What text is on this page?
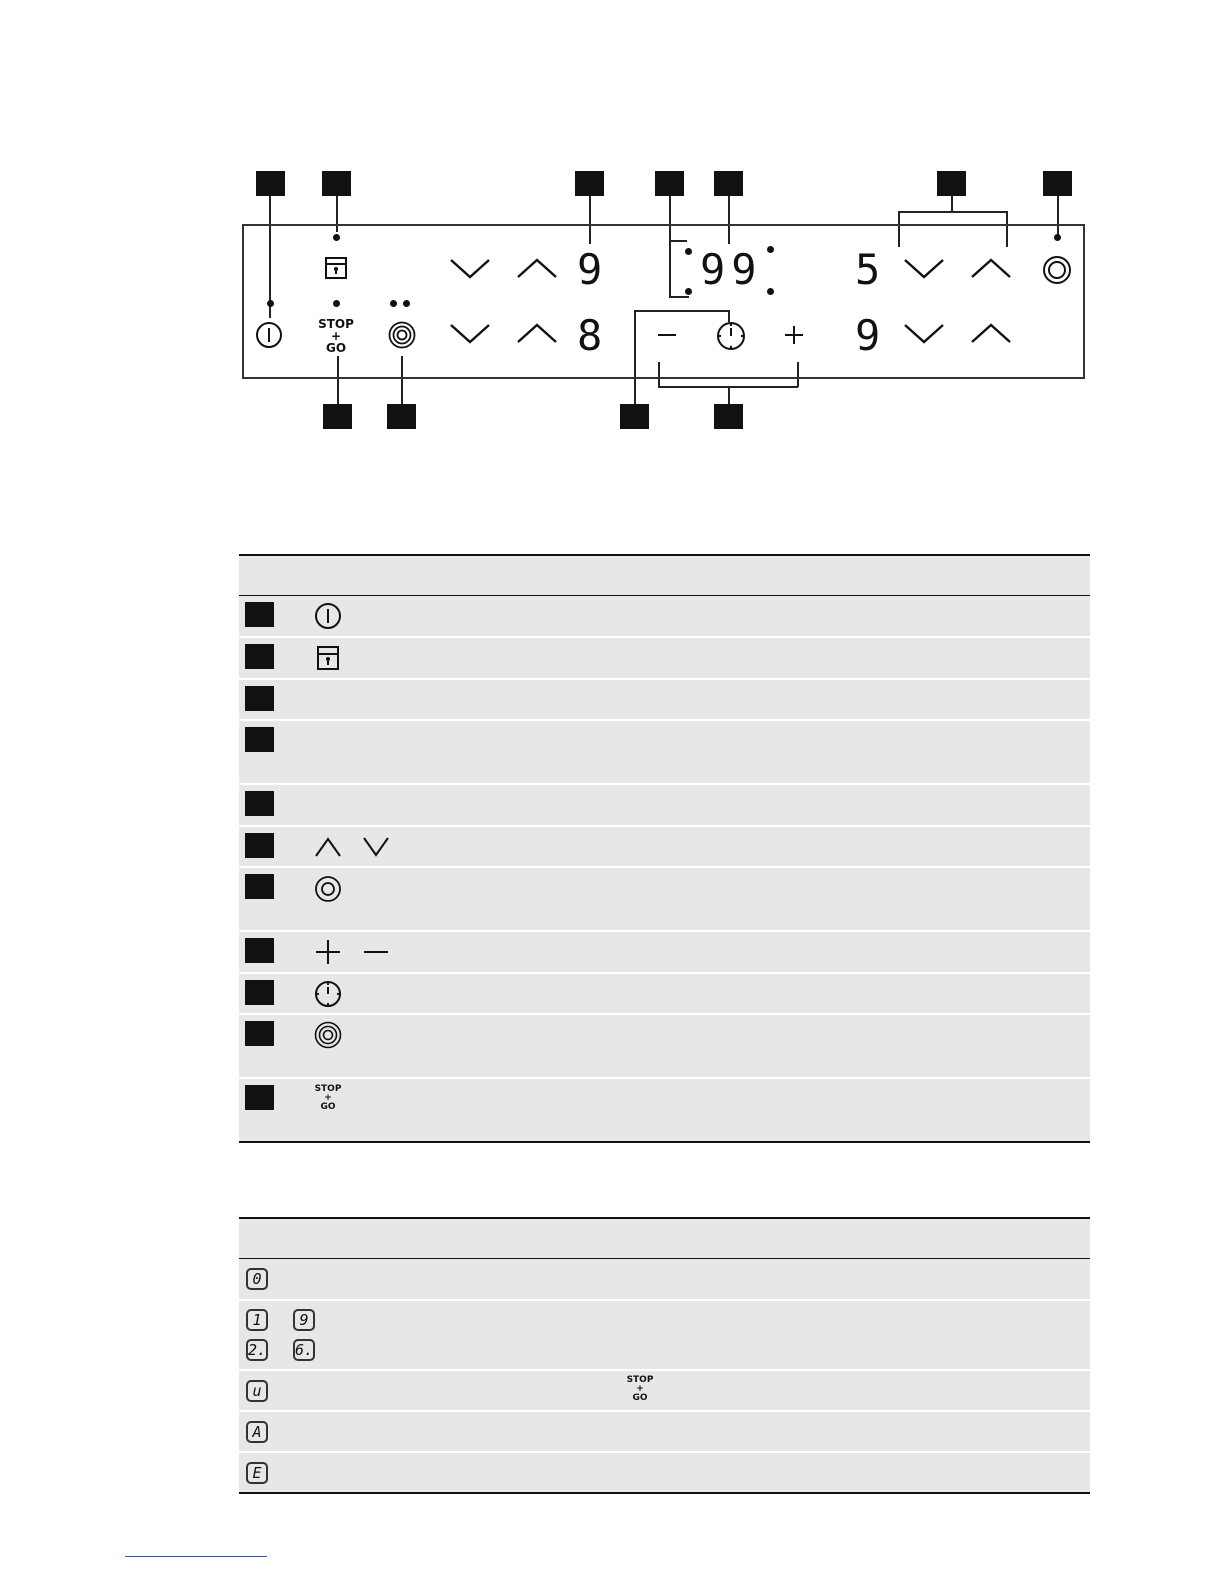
STOP
+
GO
9
8
99 5
9
STOP
+
GO
0
1	9
2. 6.
u
STOP
+
GO
A
E
